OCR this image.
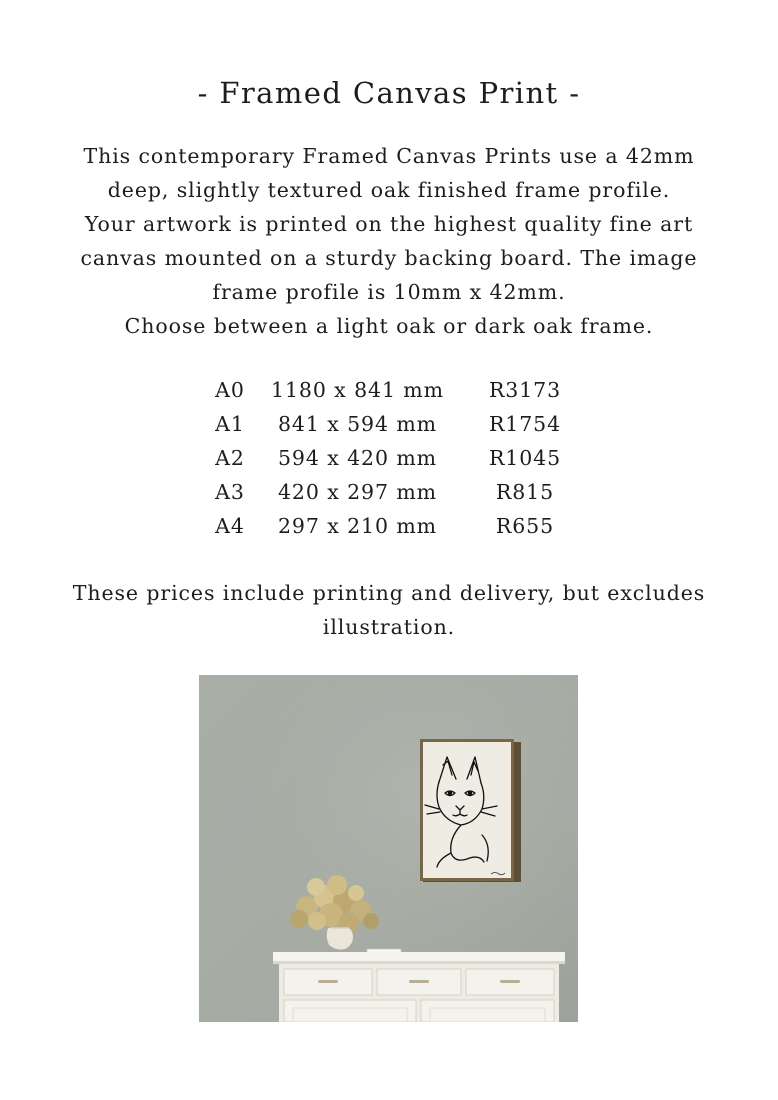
- Framed Canvas Print -
This contemporary Framed Canvas Prints use a 42mm
deep, slightly textured oak finished frame profile.
Your artwork is printed on the highest quality fine art
canvas mounted on a sturdy backing board. The image
frame profile is 10mm x 42mm.
Choose between a light oak or dark oak frame.
A0	1180 x 841 mm	R3173
A1	841 x 594 mm	R1754
A2	594 x 420 mm	R1045
A3	420 x 297 mm	R815
A4	297 x 210 mm	R655
These prices include printing and delivery, but excludes
illustration.
